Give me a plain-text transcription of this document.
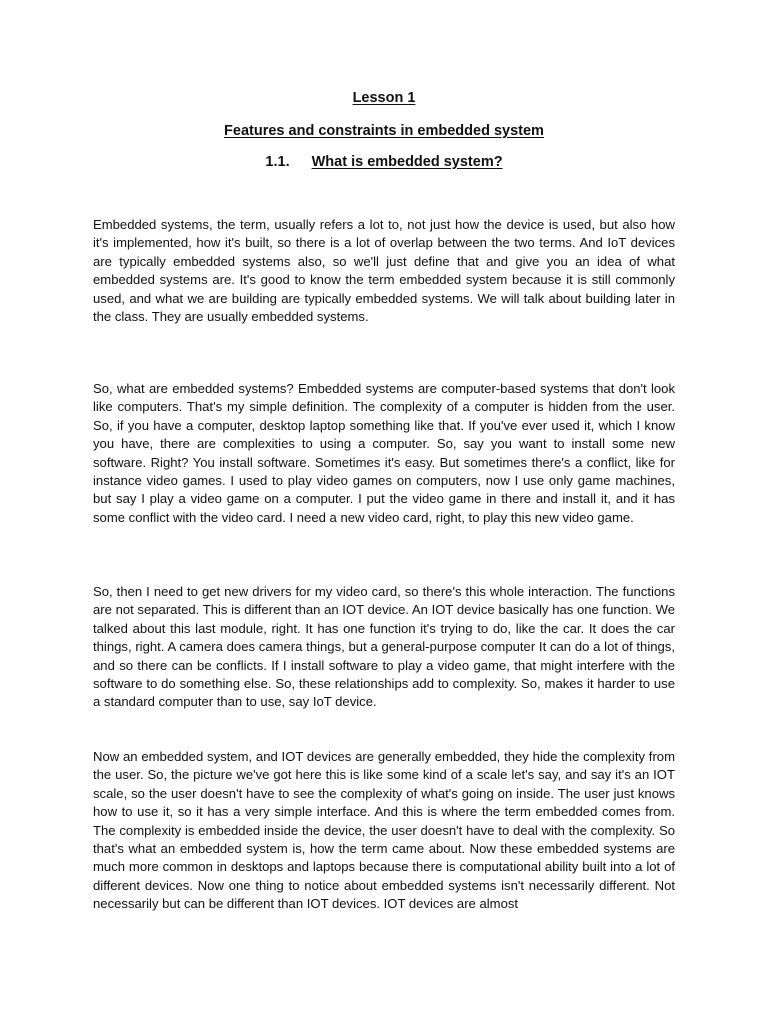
Lesson 1
Features and constraints in embedded system
1.1. What is embedded system?

Embedded systems, the term, usually refers a lot to, not just how the device is used, but also how it's implemented, how it's built, so there is a lot of overlap between the two terms. And IoT devices are typically embedded systems also, so we'll just define that and give you an idea of what embedded systems are. It's good to know the term embedded system because it is still commonly used, and what we are building are typically embedded systems. We will talk about building later in the class. They are usually embedded systems.

So, what are embedded systems? Embedded systems are computer-based systems that don't look like computers. That's my simple definition. The complexity of a computer is hidden from the user. So, if you have a computer, desktop laptop something like that. If you've ever used it, which I know you have, there are complexities to using a computer. So, say you want to install some new software. Right? You install software. Sometimes it's easy. But sometimes there's a conflict, like for instance video games. I used to play video games on computers, now I use only game machines, but say I play a video game on a computer. I put the video game in there and install it, and it has some conflict with the video card. I need a new video card, right, to play this new video game.

So, then I need to get new drivers for my video card, so there's this whole interaction. The functions are not separated. This is different than an IOT device. An IOT device basically has one function. We talked about this last module, right. It has one function it's trying to do, like the car. It does the car things, right. A camera does camera things, but a general-purpose computer It can do a lot of things, and so there can be conflicts. If I install software to play a video game, that might interfere with the software to do something else. So, these relationships add to complexity. So, makes it harder to use a standard computer than to use, say IoT device.

Now an embedded system, and IOT devices are generally embedded, they hide the complexity from the user. So, the picture we've got here this is like some kind of a scale let's say, and say it's an IOT scale, so the user doesn't have to see the complexity of what's going on inside. The user just knows how to use it, so it has a very simple interface. And this is where the term embedded comes from. The complexity is embedded inside the device, the user doesn't have to deal with the complexity. So that's what an embedded system is, how the term came about. Now these embedded systems are much more common in desktops and laptops because there is computational ability built into a lot of different devices. Now one thing to notice about embedded systems isn't necessarily different. Not necessarily but can be different than IOT devices. IOT devices are almost
